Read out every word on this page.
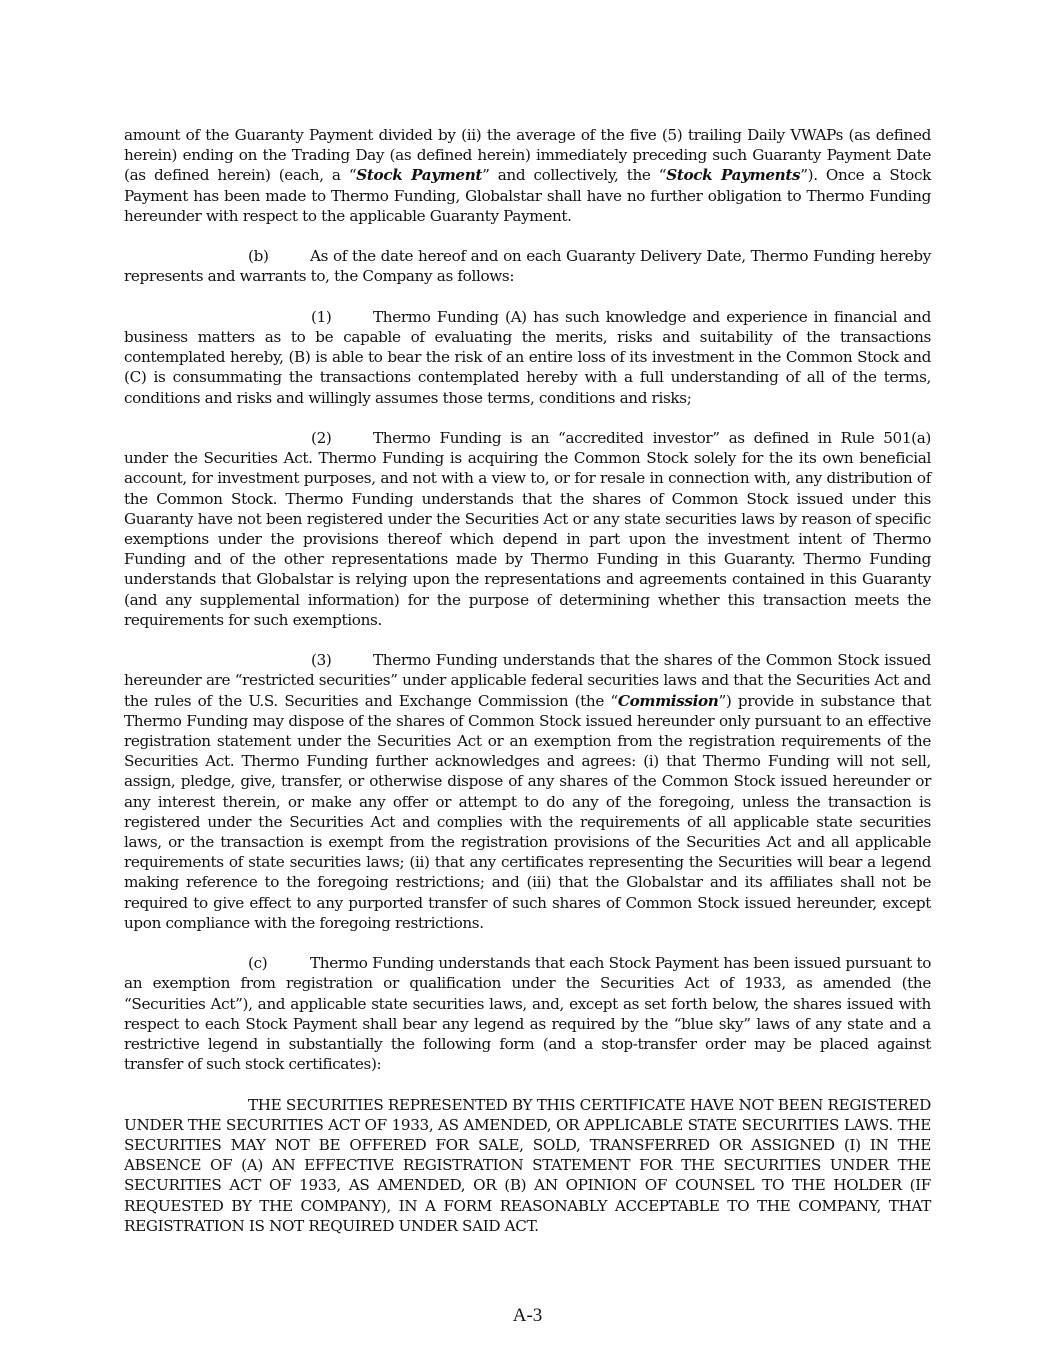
amount of the Guaranty Payment divided by (ii) the average of the five (5) trailing Daily VWAPs (as defined herein) ending on the Trading Day (as defined herein) immediately preceding such Guaranty Payment Date (as defined herein) (each, a “Stock Payment” and collectively, the “Stock Payments”). Once a Stock Payment has been made to Thermo Funding, Globalstar shall have no further obligation to Thermo Funding hereunder with respect to the applicable Guaranty Payment.

(b)	As of the date hereof and on each Guaranty Delivery Date, Thermo Funding hereby represents and warrants to, the Company as follows:

(1)	Thermo Funding (A) has such knowledge and experience in financial and business matters as to be capable of evaluating the merits, risks and suitability of the transactions contemplated hereby, (B) is able to bear the risk of an entire loss of its investment in the Common Stock and (C) is consummating the transactions contemplated hereby with a full understanding of all of the terms, conditions and risks and willingly assumes those terms, conditions and risks;

(2)	Thermo Funding is an “accredited investor” as defined in Rule 501(a) under the Securities Act. Thermo Funding is acquiring the Common Stock solely for the its own beneficial account, for investment purposes, and not with a view to, or for resale in connection with, any distribution of the Common Stock. Thermo Funding understands that the shares of Common Stock issued under this Guaranty have not been registered under the Securities Act or any state securities laws by reason of specific exemptions under the provisions thereof which depend in part upon the investment intent of Thermo Funding and of the other representations made by Thermo Funding in this Guaranty. Thermo Funding understands that Globalstar is relying upon the representations and agreements contained in this Guaranty (and any supplemental information) for the purpose of determining whether this transaction meets the requirements for such exemptions.

(3)	Thermo Funding understands that the shares of the Common Stock issued hereunder are “restricted securities” under applicable federal securities laws and that the Securities Act and the rules of the U.S. Securities and Exchange Commission (the “Commission”) provide in substance that Thermo Funding may dispose of the shares of Common Stock issued hereunder only pursuant to an effective registration statement under the Securities Act or an exemption from the registration requirements of the Securities Act. Thermo Funding further acknowledges and agrees: (i) that Thermo Funding will not sell, assign, pledge, give, transfer, or otherwise dispose of any shares of the Common Stock issued hereunder or any interest therein, or make any offer or attempt to do any of the foregoing, unless the transaction is registered under the Securities Act and complies with the requirements of all applicable state securities laws, or the transaction is exempt from the registration provisions of the Securities Act and all applicable requirements of state securities laws; (ii) that any certificates representing the Securities will bear a legend making reference to the foregoing restrictions; and (iii) that the Globalstar and its affiliates shall not be required to give effect to any purported transfer of such shares of Common Stock issued hereunder, except upon compliance with the foregoing restrictions.

(c)	Thermo Funding understands that each Stock Payment has been issued pursuant to an exemption from registration or qualification under the Securities Act of 1933, as amended (the “Securities Act”), and applicable state securities laws, and, except as set forth below, the shares issued with respect to each Stock Payment shall bear any legend as required by the “blue sky” laws of any state and a restrictive legend in substantially the following form (and a stop-transfer order may be placed against transfer of such stock certificates):

THE SECURITIES REPRESENTED BY THIS CERTIFICATE HAVE NOT BEEN REGISTERED UNDER THE SECURITIES ACT OF 1933, AS AMENDED, OR APPLICABLE STATE SECURITIES LAWS. THE SECURITIES MAY NOT BE OFFERED FOR SALE, SOLD, TRANSFERRED OR ASSIGNED (I) IN THE ABSENCE OF (A) AN EFFECTIVE REGISTRATION STATEMENT FOR THE SECURITIES UNDER THE SECURITIES ACT OF 1933, AS AMENDED, OR (B) AN OPINION OF COUNSEL TO THE HOLDER (IF REQUESTED BY THE COMPANY), IN A FORM REASONABLY ACCEPTABLE TO THE COMPANY, THAT REGISTRATION IS NOT REQUIRED UNDER SAID ACT.

A-3
